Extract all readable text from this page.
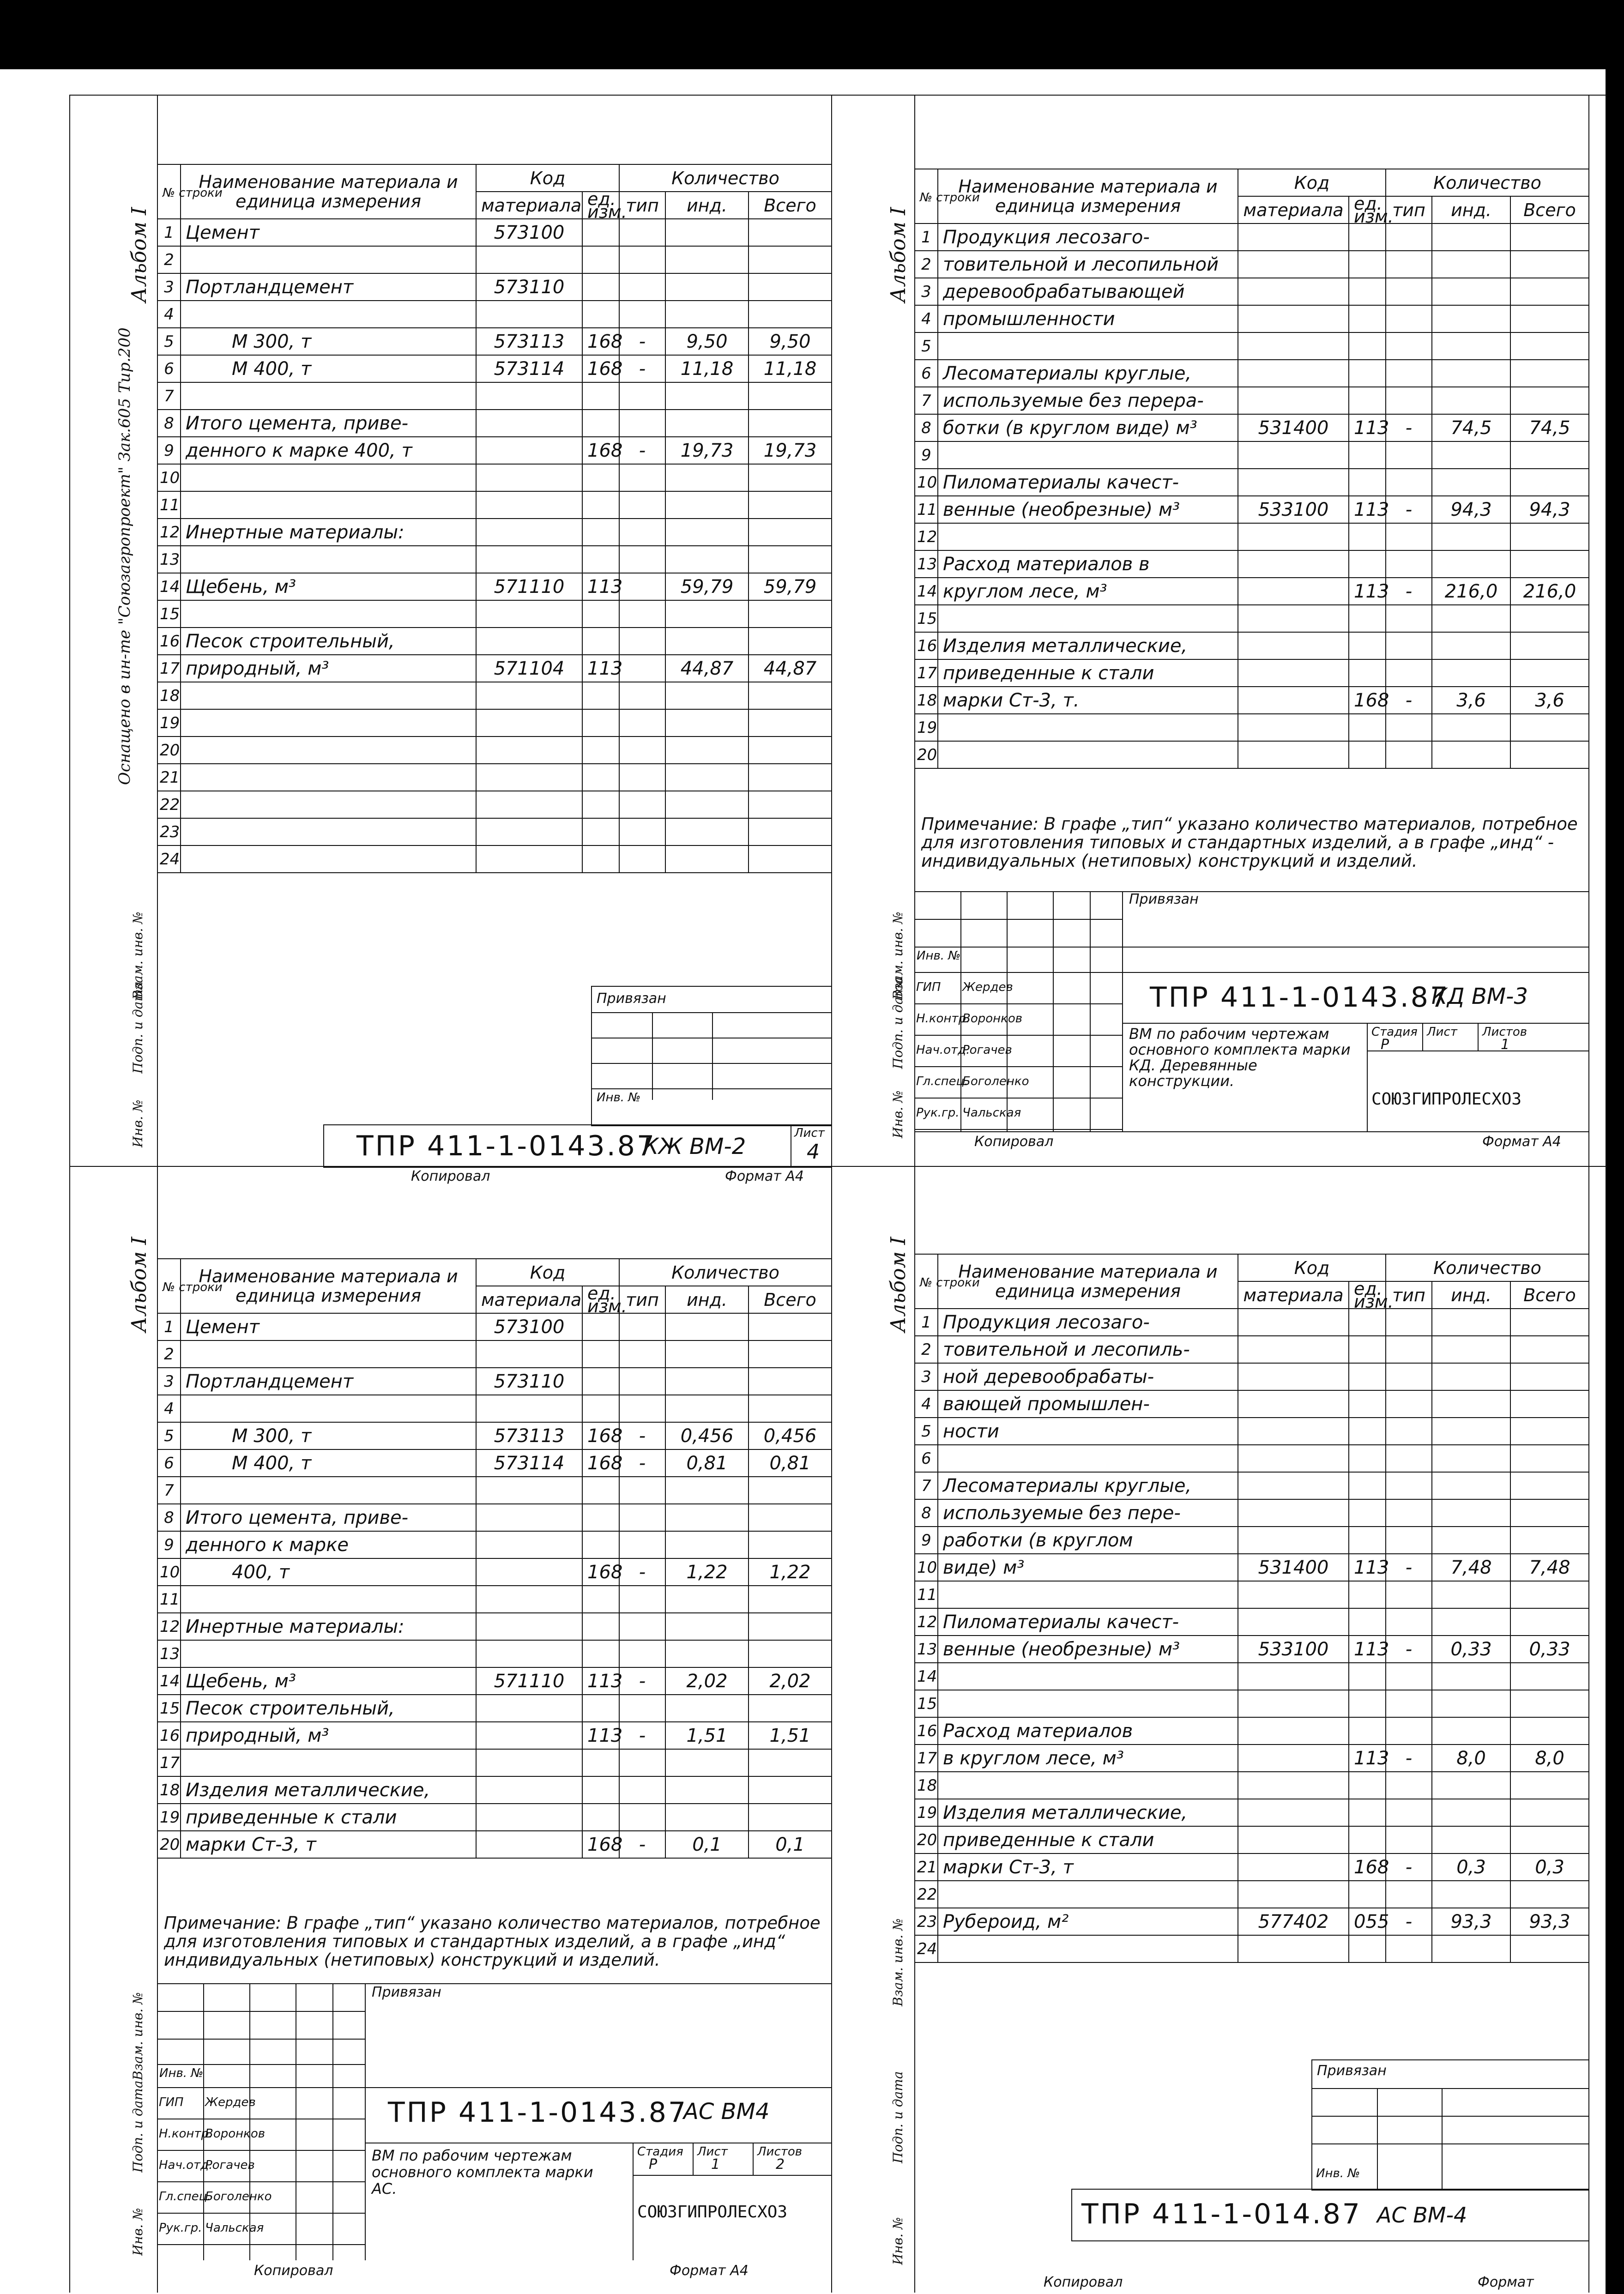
Оснащено в ин-те "Союзагропроект" Зак.605 Тир.200
Альбом I
Инв. №
Подп. и дата
Взам. инв. №
№ строки	Наименование материала и единица измерения	Код		Количество		
		материала	ед. изм.	тип	инд.	Всего
1	Цемент	573100				
2						
3	Портландцемент	573110				
4						
5	М 300, т	573113	168	-	9,50	9,50
6	М 400, т	573114	168	-	11,18	11,18
7						
8	Итого цемента, приве-					
9	денного к марке 400, т		168	-	19,73	19,73
10						
11						
12	Инертные материалы:					
13						
14	Щебень, м³	571110	113		59,79	59,79
15						
16	Песок строительный,					
17	природный, м³	571104	113		44,87	44,87
18						
19						
20						
21						
22						
23						
24						
Привязан
Инв. №
ТПР 411-1-0143.87
КЖ ВМ-2
Лист
4
Копировал	Формат А4
Альбом I
Инв. №
Подп. и дата
Взам. инв. №
№ строки	Наименование материала и единица измерения	Код		Количество		
		материала	ед. изм.	тип	инд.	Всего
1	Продукция лесозаго-					
2	товительной и лесопильной					
3	деревообрабатывающей					
4	промышленности					
5						
6	Лесоматериалы круглые,					
7	используемые без перера-					
8	ботки (в круглом виде) м³	531400	113	-	74,5	74,5
9						
10	Пиломатериалы качест-					
11	венные (необрезные) м³	533100	113	-	94,3	94,3
12						
13	Расход материалов в					
14	круглом лесе, м³		113	-	216,0	216,0
15						
16	Изделия металлические,					
17	приведенные к стали					
18	марки Ст-3, т.		168	-	3,6	3,6
19						
20						
Примечание: В графе „тип“ указано количество материалов, потребное для изготовления типовых и стандартных изделий, а в графе „инд“ - индивидуальных (нетиповых) конструкций и изделий.
Привязан
Инв. №
ГИП Жердев
Н.контр.
Воронков
Нач.отд.
Рогачев
Гл.спец.
Боголенко
Рук.гр. Чальская
ТПР 411-1-0143.87
КД ВМ-3
ВМ по рабочим чертежам основного комплекта марки КД. Деревянные конструкции.
Стадия
Р
Лист Листов
1
СОЮЗГИПРОЛЕСХОЗ
Копировал	Формат А4
Альбом I
Инв. №
Подп. и дата
Взам. инв. №
№ строки	Наименование материала и единица измерения	Код		Количество		
		материала	ед. изм.	тип	инд.	Всего
1	Цемент	573100				
2						
3	Портландцемент	573110				
4						
5	М 300, т	573113	168	-	0,456	0,456
6	М 400, т	573114	168	-	0,81	0,81
7						
8	Итого цемента, приве-					
9	денного к марке					
10	400, т		168	-	1,22	1,22
11						
12	Инертные материалы:					
13						
14	Щебень, м³	571110	113	-	2,02	2,02
15	Песок строительный,					
16	природный, м³		113	-	1,51	1,51
17						
18	Изделия металлические,					
19	приведенные к стали					
20	марки Ст-3, т		168	-	0,1	0,1
Примечание: В графе „тип“ указано количество материалов, потребное для изготовления типовых и стандартных изделий, а в графе „инд“ индивидуальных (нетиповых) конструкций и изделий.
Привязан
Инв. №
ГИП Жердев
Н.контр.
Воронков
Нач.отд.
Рогачев
Гл.спец.
Боголенко
Рук.гр. Чальская
ТПР 411-1-0143.87
АС ВМ4
ВМ по рабочим чертежам основного комплекта марки АС.
Стадия
Р
Лист
1
Листов
2
СОЮЗГИПРОЛЕСХОЗ
Копировал	Формат А4
Альбом I
Инв. №
Подп. и дата
Взам. инв. №
№ строки	Наименование материала и единица измерения	Код		Количество		
		материала	ед. изм.	тип	инд.	Всего
1	Продукция лесозаго-					
2	товительной и лесопиль-					
3	ной деревообрабаты-					
4	вающей промышлен-					
5	ности					
6						
7	Лесоматериалы круглые,					
8	используемые без пере-					
9	работки (в круглом					
10	виде) м³	531400	113	-	7,48	7,48
11						
12	Пиломатериалы качест-					
13	венные (необрезные) м³	533100	113	-	0,33	0,33
14						
15						
16	Расход материалов					
17	в круглом лесе, м³		113	-	8,0	8,0
18						
19	Изделия металлические,					
20	приведенные к стали					
21	марки Ст-3, т		168	-	0,3	0,3
22						
23	Рубероид, м²	577402	055	-	93,3	93,3
24						
Привязан
Инв. №
ТПР 411-1-014.87 АС ВМ-4
Копировал	Формат
